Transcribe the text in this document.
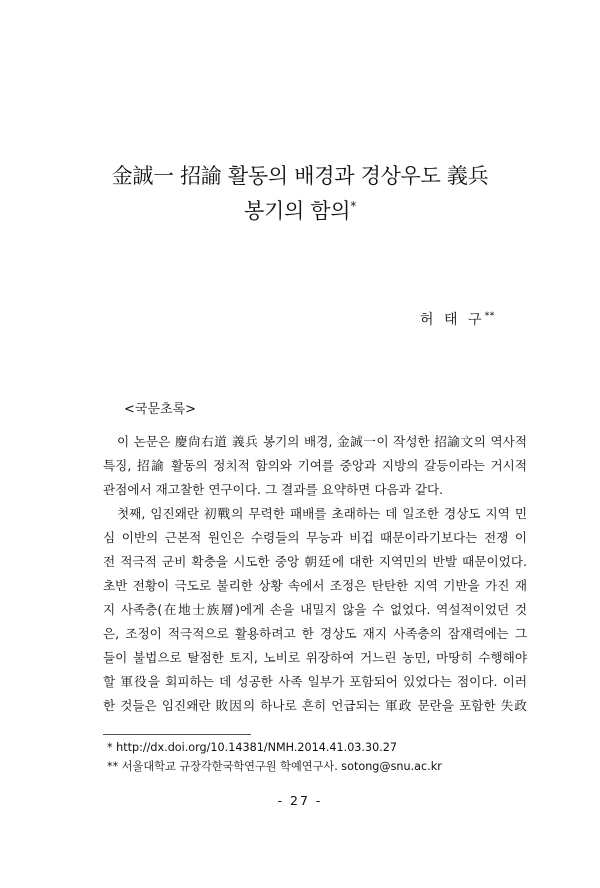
金誠一 招諭 활동의 배경과 경상우도 義兵
봉기의 함의*
허 태 구**
<국문초록>
이 논문은 慶尙右道 義兵 봉기의 배경, 金誠一이 작성한 招諭文의 역사적
특징, 招諭 활동의 정치적 함의와 기여를 중앙과 지방의 갈등이라는 거시적
관점에서 재고찰한 연구이다. 그 결과를 요약하면 다음과 같다.
첫째, 임진왜란 初戰의 무력한 패배를 초래하는 데 일조한 경상도 지역 민
심 이반의 근본적 원인은 수령들의 무능과 비겁 때문이라기보다는 전쟁 이
전 적극적 군비 확충을 시도한 중앙 朝廷에 대한 지역민의 반발 때문이었다.
초반 전황이 극도로 불리한 상황 속에서 조정은 탄탄한 지역 기반을 가진 재
지 사족층(在地士族層)에게 손을 내밀지 않을 수 없었다. 역설적이었던 것
은, 조정이 적극적으로 활용하려고 한 경상도 재지 사족층의 잠재력에는 그
들이 불법으로 탈점한 토지, 노비로 위장하여 거느린 농민, 마땅히 수행해야
할 軍役을 회피하는 데 성공한 사족 일부가 포함되어 있었다는 점이다. 이러
한 것들은 임진왜란 敗因의 하나로 흔히 언급되는 軍政 문란을 포함한 失政
* http://dx.doi.org/10.14381/NMH.2014.41.03.30.27
** 서울대학교 규장각한국학연구원 학예연구사. sotong@snu.ac.kr
- 27 -
